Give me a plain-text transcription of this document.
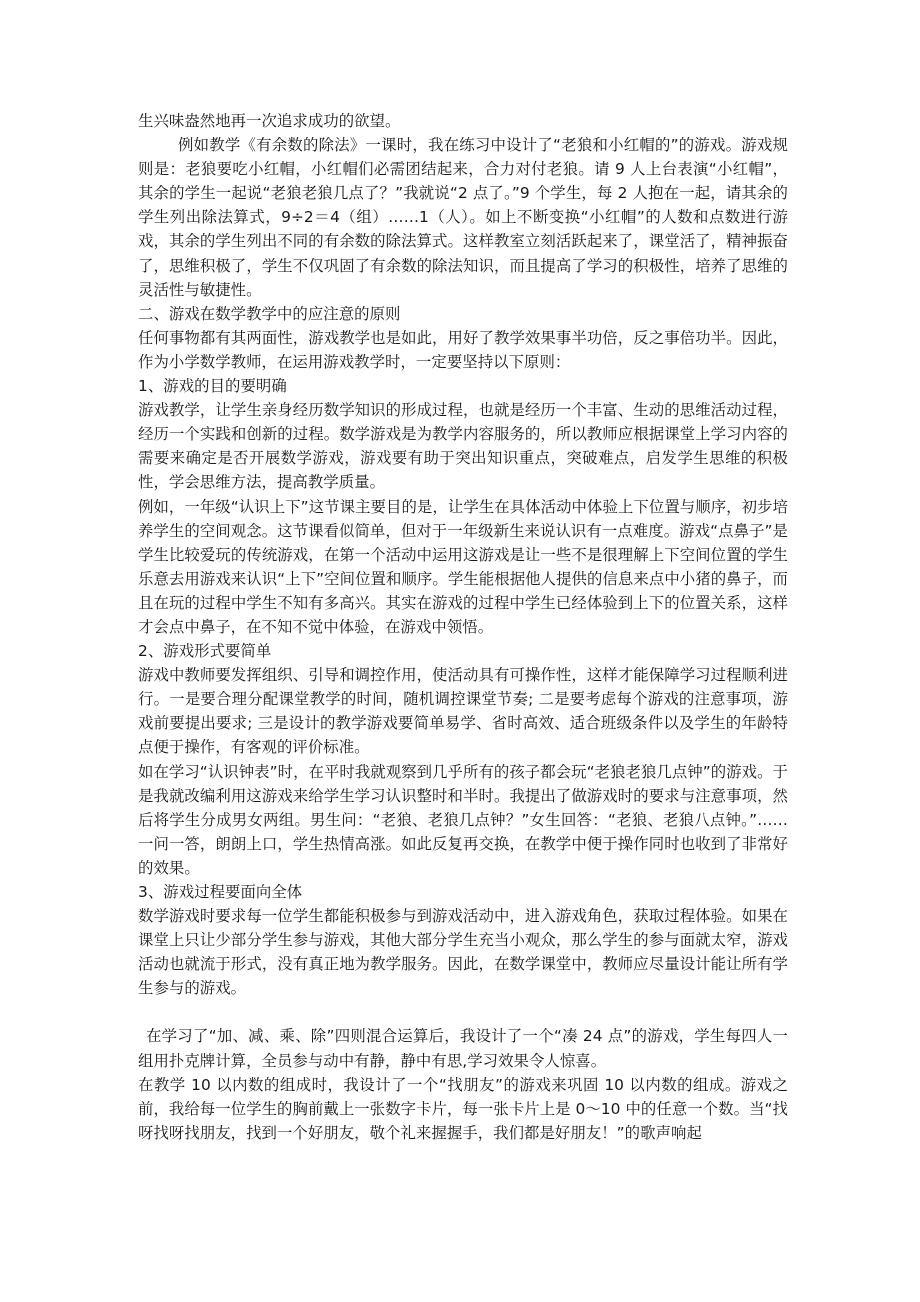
生兴味盎然地再一次追求成功的欲望。

例如教学《有余数的除法》一课时，我在练习中设计了“老狼和小红帽的”的游戏。游戏规则是：老狼要吃小红帽，小红帽们必需团结起来，合力对付老狼。请 9 人上台表演“小红帽”，其余的学生一起说“老狼老狼几点了？”我就说“2 点了。”9 个学生，每 2 人抱在一起，请其余的学生列出除法算式，9÷2＝4（组）……1（人）。如上不断变换“小红帽”的人数和点数进行游戏，其余的学生列出不同的有余数的除法算式。这样教室立刻活跃起来了，课堂活了，精神振奋了，思维积极了，学生不仅巩固了有余数的除法知识，而且提高了学习的积极性，培养了思维的灵活性与敏捷性。

二、游戏在数学教学中的应注意的原则

任何事物都有其两面性，游戏教学也是如此，用好了教学效果事半功倍，反之事倍功半。因此，作为小学数学教师，在运用游戏教学时，一定要坚持以下原则：

1、游戏的目的要明确

游戏教学，让学生亲身经历数学知识的形成过程，也就是经历一个丰富、生动的思维活动过程，经历一个实践和创新的过程。数学游戏是为教学内容服务的，所以教师应根据课堂上学习内容的需要来确定是否开展数学游戏，游戏要有助于突出知识重点，突破难点，启发学生思维的积极性，学会思维方法，提高教学质量。

例如，一年级“认识上下”这节课主要目的是，让学生在具体活动中体验上下位置与顺序，初步培养学生的空间观念。这节课看似简单，但对于一年级新生来说认识有一点难度。游戏“点鼻子”是学生比较爱玩的传统游戏，在第一个活动中运用这游戏是让一些不是很理解上下空间位置的学生乐意去用游戏来认识“上下”空间位置和顺序。学生能根据他人提供的信息来点中小猪的鼻子，而且在玩的过程中学生不知有多高兴。其实在游戏的过程中学生已经体验到上下的位置关系，这样才会点中鼻子，在不知不觉中体验，在游戏中领悟。

2、游戏形式要简单

游戏中教师要发挥组织、引导和调控作用，使活动具有可操作性，这样才能保障学习过程顺利进行。一是要合理分配课堂教学的时间，随机调控课堂节奏; 二是要考虑每个游戏的注意事项，游戏前要提出要求; 三是设计的教学游戏要简单易学、省时高效、适合班级条件以及学生的年龄特点便于操作，有客观的评价标准。

如在学习“认识钟表”时，在平时我就观察到几乎所有的孩子都会玩“老狼老狼几点钟”的游戏。于是我就改编利用这游戏来给学生学习认识整时和半时。我提出了做游戏时的要求与注意事项，然后将学生分成男女两组。男生问：“老狼、老狼几点钟？”女生回答：“老狼、老狼八点钟。”……一问一答，朗朗上口，学生热情高涨。如此反复再交换，在教学中便于操作同时也收到了非常好的效果。

3、游戏过程要面向全体

数学游戏时要求每一位学生都能积极参与到游戏活动中，进入游戏角色，获取过程体验。如果在课堂上只让少部分学生参与游戏，其他大部分学生充当小观众，那么学生的参与面就太窄，游戏活动也就流于形式，没有真正地为教学服务。因此，在数学课堂中，教师应尽量设计能让所有学生参与的游戏。

在学习了“加、减、乘、除”四则混合运算后，我设计了一个“凑 24 点”的游戏，学生每四人一组用扑克牌计算，全员参与动中有静，静中有思,学习效果令人惊喜。

在教学 10 以内数的组成时，我设计了一个“找朋友”的游戏来巩固 10 以内数的组成。游戏之前，我给每一位学生的胸前戴上一张数字卡片，每一张卡片上是 0～10 中的任意一个数。当“找呀找呀找朋友，找到一个好朋友，敬个礼来握握手，我们都是好朋友！”的歌声响起
